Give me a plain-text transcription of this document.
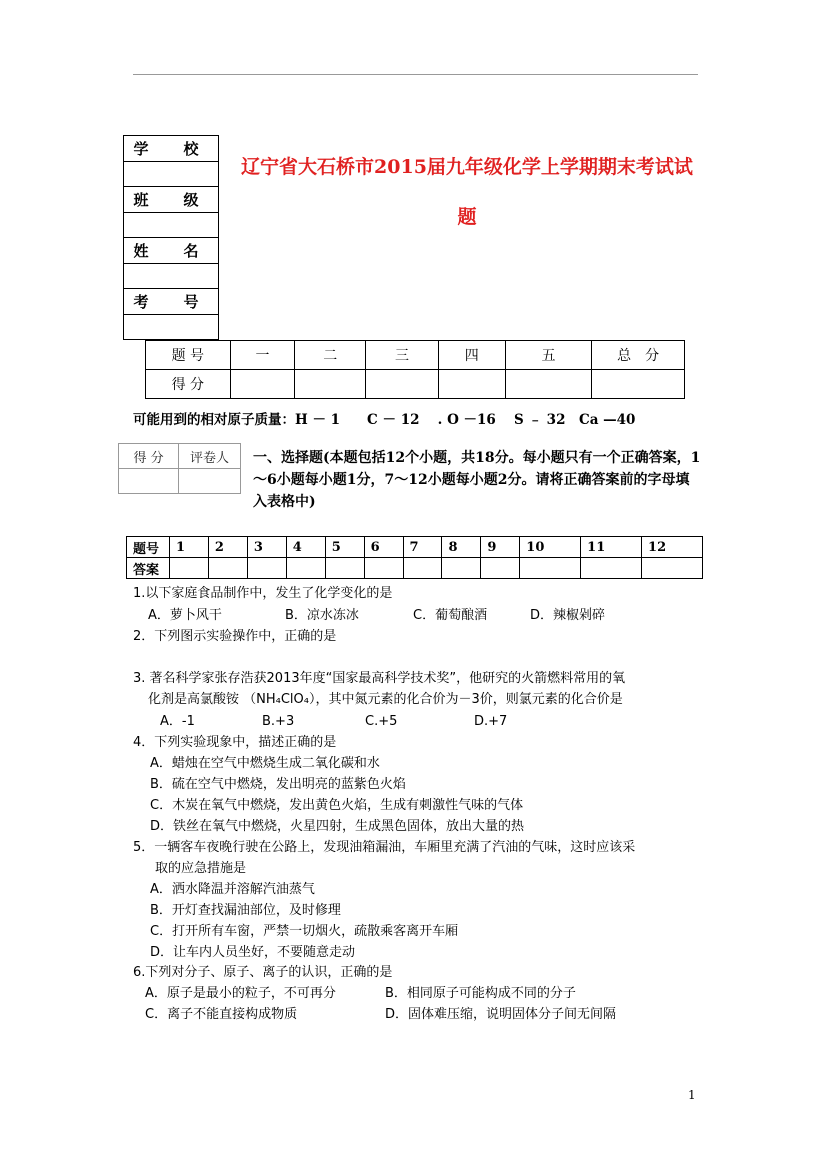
学　校

班　级

姓　名

考　号

辽宁省大石桥市2015届九年级化学上学期期末考试试
题
题 号	一	二	三	四	五	总　分
得 分						
可能用到的相对原子质量：H － 1　　C － 12　 . O －16　 S ﹣ 32　Ca —40
得 分	评卷人
	一、选择题(本题包括12个小题，共18分。每小题只有一个正确答案，1～6小题每小题1分，7～12小题每小题2分。请将正确答案前的字母填入表格中)
题号	1	2	3	4	5	6	7	8	9	10	11	12
答案												
1.以下家庭食品制作中，发生了化学变化的是
A．萝卜风干	B．凉水冻冰	C．葡萄酿酒	D．辣椒剁碎
2．下列图示实验操作中，正确的是
3. 著名科学家张存浩获2013年度“国家最高科学技术奖”，他研究的火箭燃料常用的氧
化剂是高氯酸铵 （NH₄ClO₄），其中氮元素的化合价为－3价，则氯元素的化合价是
A．-1	B.+3	C.+5	D.+7
4．下列实验现象中，描述正确的是
A．蜡烛在空气中燃烧生成二氧化碳和水
B．硫在空气中燃烧，发出明亮的蓝紫色火焰
C．木炭在氧气中燃烧，发出黄色火焰，生成有刺激性气味的气体
D．铁丝在氧气中燃烧，火星四射，生成黑色固体，放出大量的热
5．一辆客车夜晚行驶在公路上，发现油箱漏油，车厢里充满了汽油的气味，这时应该采
取的应急措施是
A．洒水降温并溶解汽油蒸气
B．开灯查找漏油部位，及时修理
C．打开所有车窗，严禁一切烟火，疏散乘客离开车厢
D．让车内人员坐好，不要随意走动
6.下列对分子、原子、离子的认识，正确的是
A．原子是最小的粒子，不可再分	B．相同原子可能构成不同的分子
C．离子不能直接构成物质	D．固体难压缩，说明固体分子间无间隔
1
